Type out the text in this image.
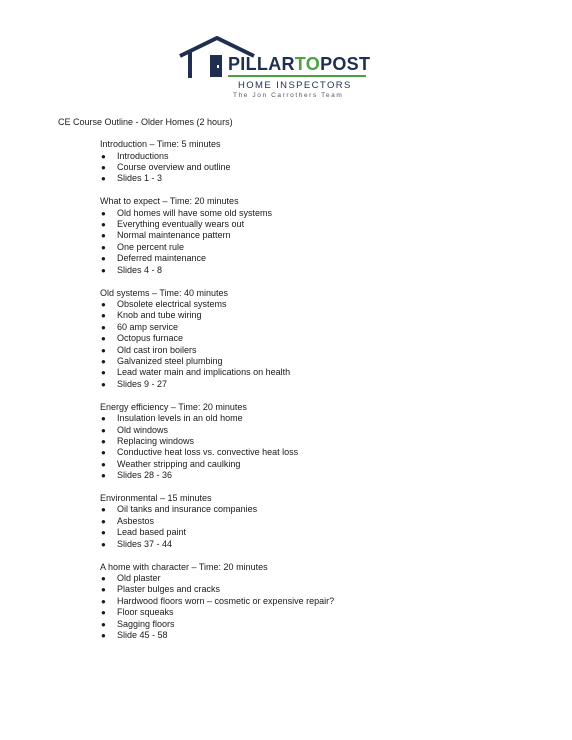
PILLARTOPOST
HOME INSPECTORS
The Jon Carrothers Team
CE Course Outline - Older Homes (2 hours)
Introduction – Time: 5 minutes
● Introductions
● Course overview and outline
● Slides 1 - 3
What to expect – Time: 20 minutes
● Old homes will have some old systems
● Everything eventually wears out
● Normal maintenance pattern
● One percent rule
● Deferred maintenance
● Slides 4 - 8
Old systems – Time: 40 minutes
● Obsolete electrical systems
● Knob and tube wiring
● 60 amp service
● Octopus furnace
● Old cast iron boilers
● Galvanized steel plumbing
● Lead water main and implications on health
● Slides 9 - 27
Energy efficiency – Time: 20 minutes
● Insulation levels in an old home
● Old windows
● Replacing windows
● Conductive heat loss vs. convective heat loss
● Weather stripping and caulking
● Slides 28 - 36
Environmental – 15 minutes
● Oil tanks and insurance companies
● Asbestos
● Lead based paint
● Slides 37 - 44
A home with character – Time: 20 minutes
● Old plaster
● Plaster bulges and cracks
● Hardwood floors worn – cosmetic or expensive repair?
● Floor squeaks
● Sagging floors
● Slide 45 - 58
